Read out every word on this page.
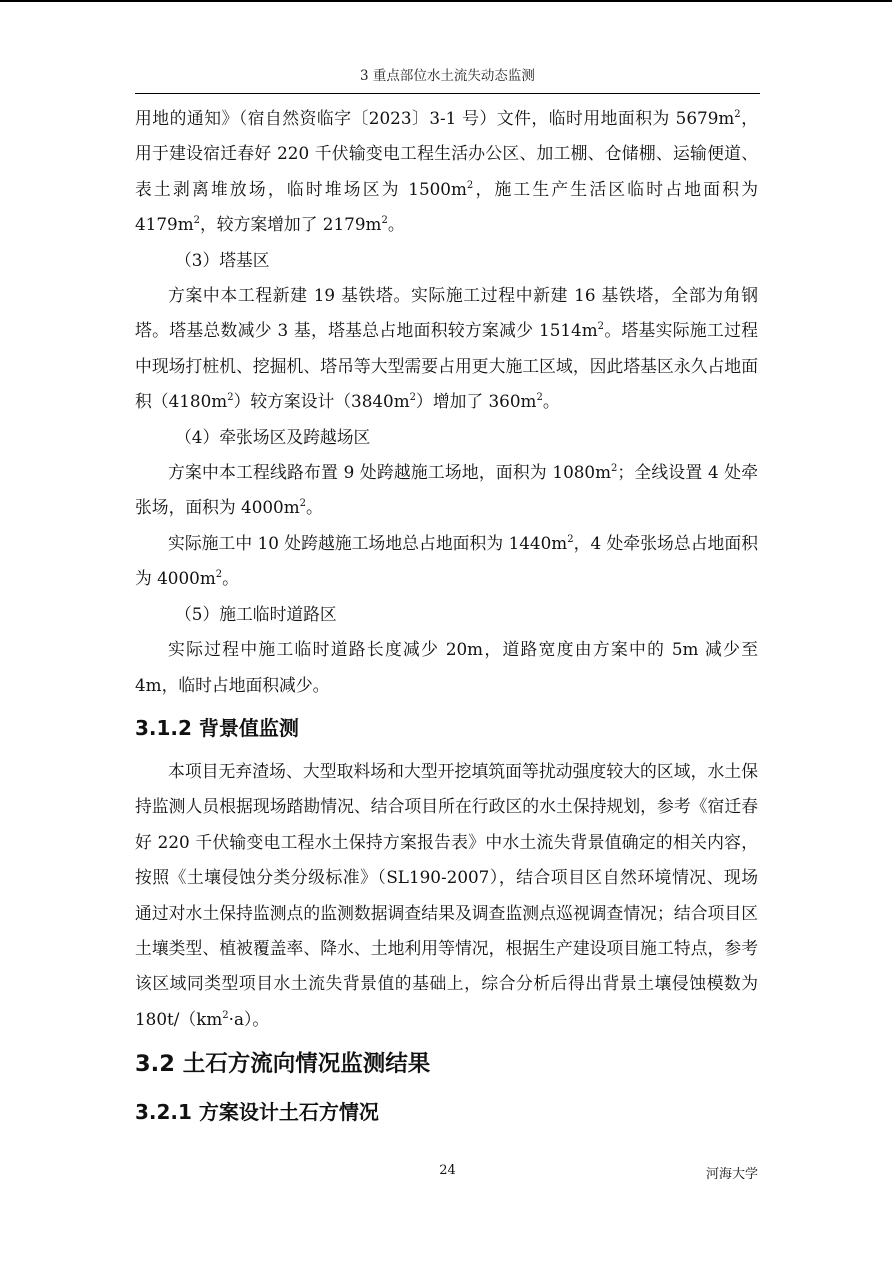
3 重点部位水土流失动态监测

用地的通知》（宿自然资临字〔2023〕3-1 号）文件，临时用地面积为 $5679m^2$，用于建设宿迁春好 220 千伏输变电工程生活办公区、加工棚、仓储棚、运输便道、表土剥离堆放场，临时堆场区为 $1500m^2$，施工生产生活区临时占地面积为 $4179m^2$，较方案增加了 $2179m^2$。

（3）塔基区

方案中本工程新建 19 基铁塔。实际施工过程中新建 16 基铁塔，全部为角钢塔。塔基总数减少 3 基，塔基总占地面积较方案减少 $1514m^2$。塔基实际施工过程中现场打桩机、挖掘机、塔吊等大型需要占用更大施工区域，因此塔基区永久占地面积$(4180m^2)$较方案设计$(3840m^2)$增加了 $360m^2$。

（4）牵张场区及跨越场区

方案中本工程线路布置 9 处跨越施工场地，面积为 $1080m^2$；全线设置 4 处牵张场，面积为 $4000m^2$。

实际施工中 10 处跨越施工场地总占地面积为 $1440m^2$，4 处牵张场总占地面积为 $4000m^2$。

（5）施工临时道路区

实际过程中施工临时道路长度减少 20m，道路宽度由方案中的 5m 减少至 4m，临时占地面积减少。

3.1.2 背景值监测

本项目无弃渣场、大型取料场和大型开挖填筑面等扰动强度较大的区域，水土保持监测人员根据现场踏勘情况、结合项目所在行政区的水土保持规划，参考《宿迁春好 220 千伏输变电工程水土保持方案报告表》中水土流失背景值确定的相关内容，按照《土壤侵蚀分类分级标准》（SL190-2007），结合项目区自然环境情况、现场通过对水土保持监测点的监测数据调查结果及调查监测点巡视调查情况；结合项目区土壤类型、植被覆盖率、降水、土地利用等情况，根据生产建设项目施工特点，参考该区域同类型项目水土流失背景值的基础上，综合分析后得出背景土壤侵蚀模数为 $180t/(km^2\cdot a)$。

3.2 土石方流向情况监测结果
3.2.1 方案设计土石方情况
24	河海大学
